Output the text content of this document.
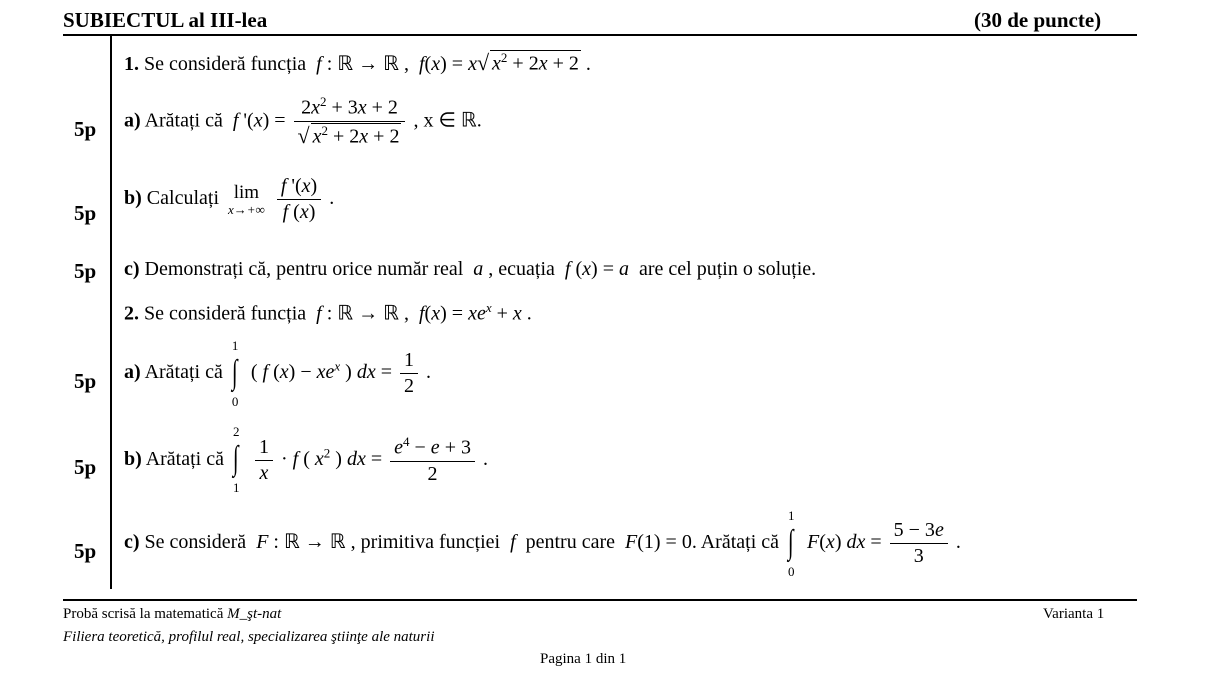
SUBIECTUL al III-lea	(30 de puncte)
1. Se consideră funcția  f : ℝ → ℝ ,  f(x) = x√ $x^2 + 2x + 2$ .
5p	a) Arătați că  f '$(x) = \frac{2x^2 + 3x + 2}{√ x^2 + 2x + 2}$ , x ∈ ℝ.
5p
b) Calculați lim
x→+∞
$\frac{f '(x)}{f (x)}$ .
5p	c) Demonstrați că, pentru orice număr real  a , ecuația  f (x) = a  are cel puțin o soluție.
2. Se consideră funcția  f : ℝ → ℝ ,  $f(x) = xe^x + x$ .
5p	a) Arătați că
1
∫
0
( f $(x) - xe^x$ ) dx = $\frac{1}{2}$ .
5p	b) Arătați că
2
∫
1

$\frac{1}{x} \cdot f$ ( $x^2$ ) dx = $\frac{e^4 - e + 3}{2}$ .
5p	c) Se consideră  F : ℝ → ℝ , primitiva funcției  f  pentru care  F(1) = 0. Arătați că
1
∫
0
F(x) dx = $\frac{5 - 3e}{3}$ .
Probă scrisă la matematică M_şt-nat	Varianta 1
Filiera teoretică, profilul real, specializarea ştiinţe ale naturii
Pagina 1 din 1
